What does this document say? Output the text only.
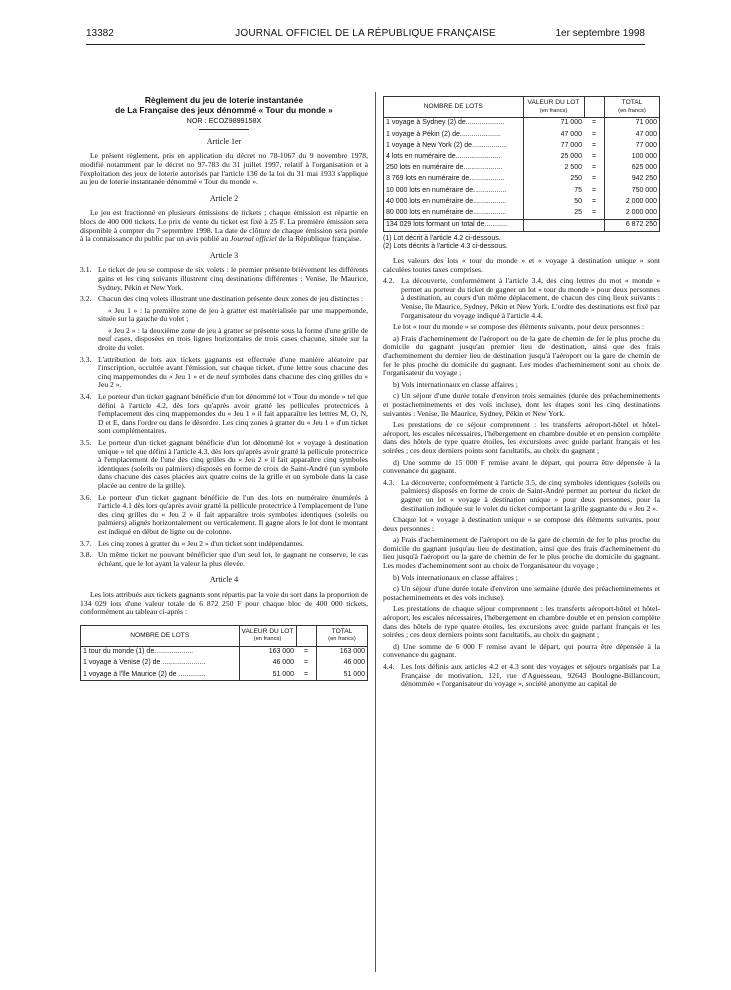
13382	JOURNAL OFFICIEL DE LA RÉPUBLIQUE FRANÇAISE	1er septembre 1998
Règlement du jeu de loterie instantanée
de La Française des jeux dénommé « Tour du monde »
NOR : ECOZ9899158X
Article 1er

Le présent règlement, pris en application du décret no 78-1067 du 9 novembre 1978, modifié notamment par le décret no 97-783 du 31 juillet 1997, relatif à l'organisation et à l'exploitation des jeux de loterie autorisés par l'article 136 de la loi du 31 mai 1933 s'applique au jeu de loterie instantanée dénommé « Tour du monde ».

Article 2

Le jeu est fractionné en plusieurs émissions de tickets ; chaque émission est répartie en blocs de 400 000 tickets. Le prix de vente du ticket est fixé à 25 F. La première émission sera disponible à compter du 7 septembre 1998. La date de clôture de chaque émission sera portée à la connaissance du public par un avis publié au Journal officiel de la République française.

Article 3
3.1. Le ticket de jeu se compose de six volets : le premier présente brièvement les différents gains et les cinq suivants illustrent cinq destinations différentes : Venise, île Maurice, Sydney, Pékin et New York.
3.2. Chacun des cinq volets illustrant une destination présente deux zones de jeu distinctes :
« Jeu 1 » : la première zone de jeu à gratter est matérialisée par une mappemonde, située sur la gauche du volet ;
« Jeu 2 » : la deuxième zone de jeu à gratter se présente sous la forme d'une grille de neuf cases, disposées en trois lignes horizontales de trois cases chacune, située sur la droite du volet.
3.3. L'attribution de lots aux tickets gagnants est effectuée d'une manière aléatoire par l'inscription, occultée avant l'émission, sur chaque ticket, d'une lettre sous chacune des cinq mappemondes du « Jeu 1 » et de neuf symboles dans chacune des cinq grilles du « Jeu 2 ».
3.4. Le porteur d'un ticket gagnant bénéficie d'un lot dénommé lot « Tour du monde » tel que défini à l'article 4.2, dès lors qu'après avoir gratté les pellicules protectrices à l'emplacement des cinq mappemondes du « Jeu 1 » il fait apparaître les lettres M, O, N, D et E, dans l'ordre ou dans le désordre. Les cinq zones à gratter du « Jeu 1 » d'un ticket sont complémentaires.
3.5. Le porteur d'un ticket gagnant bénéficie d'un lot dénommé lot « voyage à destination unique » tel que défini à l'article 4.3, dès lors qu'après avoir gratté la pellicule protectrice à l'emplacement de l'une des cinq grilles du « Jeu 2 » il fait apparaître cinq symboles identiques (soleils ou palmiers) disposés en forme de croix de Saint-André (un symbole dans chacune des cases placées aux quatre coins de la grille et un symbole dans la case placée au centre de la grille).
3.6. Le porteur d'un ticket gagnant bénéficie de l'un des lots en numéraire énumérés à l'article 4.1 dès lors qu'après avoir gratté la pellicule protectrice à l'emplacement de l'une des cinq grilles du « Jeu 2 » il fait apparaître trois symboles identiques (soleils ou palmiers) alignés horizontalement ou verticalement. Il gagne alors le lot dont le montant est indiqué en début de ligne ou de colonne.
3.7. Les cinq zones à gratter du « Jeu 2 » d'un ticket sont indépendantes.
3.8. Un même ticket ne pouvant bénéficier que d'un seul lot, le gagnant ne conserve, le cas échéant, que le lot ayant la valeur la plus élevée.
Article 4

Les lots attribués aux tickets gagnants sont répartis par la voie du sort dans la proportion de 134 029 lots d'une valeur totale de 6 872 250 F pour chaque bloc de 400 000 tickets, conformément au tableau ci-après :

NOMBRE DE LOTS	VALEUR DU LOT
(en francs)		TOTAL
(en francs)
1 tour du monde (1) de....................	163 000	=	163 000
1 voyage à Venise (2) de ......................	46 000	=	46 000
1 voyage à l'île Maurice (2) de ..............	51 000	=	51 000
NOMBRE DE LOTS	VALEUR DU LOT
(en francs)		TOTAL
(en francs)
1 voyage à Sydney (2) de....................	71 000	=	71 000
1 voyage à Pékin (2) de.....................	47 000	=	47 000
1 voyage à New York (2) de..................	77 000	=	77 000
4 lots en numéraire de.......................	25 000	=	100 000
250 lots en numéraire de....................	2 500	=	625 000
3 769 lots en numéraire de..................	250	=	942 250
10 000 lots en numéraire de.................	75	=	750 000
40 000 lots en numéraire de.................	50	=	2 000 000
80 000 lots en numéraire de.................	25	=	2 000 000
134 029 lots formant un total de............			6 872 250
(1) Lot décrit à l'article 4.2 ci-dessous.
(2) Lots décrits à l'article 4.3 ci-dessous.

Les valeurs des lots « tour du monde » et « voyage à destination unique » sont calculées toutes taxes comprises.

4.2. La découverte, conformément à l'article 3.4, des cinq lettres du mot « monde » permet au porteur du ticket de gagner un lot « tour du monde » pour deux personnes à destination, au cours d'un même déplacement, de chacun des cinq lieux suivants : Venise, île Maurice, Sydney, Pékin et New York. L'ordre des destinations est fixé par l'organisateur du voyage indiqué à l'article 4.4.

Le lot « tour du monde » se compose des éléments suivants, pour deux personnes :

a) Frais d'acheminement de l'aéroport ou de la gare de chemin de fer le plus proche du domicile du gagnant jusqu'au premier lieu de destination, ainsi que des frais d'acheminement du dernier lieu de destination jusqu'à l'aéroport ou la gare de chemin de fer le plus proche du domicile du gagnant. Les modes d'acheminement sont au choix de l'organisateur du voyage ;

b) Vols internationaux en classe affaires ;

c) Un séjour d'une durée totale d'environ trois semaines (durée des préacheminements et postacheminements et des vols incluse), dont les étapes sont les cinq destinations suivantes : Venise, île Maurice, Sydney, Pékin et New York.

Les prestations de ce séjour comprennent : les transferts aéroport-hôtel et hôtel-aéroport, les escales nécessaires, l'hébergement en chambre double et en pension complète dans des hôtels de type quatre étoiles, les excursions avec guide parlant français et les soirées ; ces deux derniers points sont facultatifs, au choix du gagnant ;

d) Une somme de 15 000 F remise avant le départ, qui pourra être dépensée à la convenance du gagnant.

4.3. La découverte, conformément à l'article 3.5, de cinq symboles identiques (soleils ou palmiers) disposés en forme de croix de Saint-André permet au porteur du ticket de gagner un lot « voyage à destination unique » pour deux personnes, pour la destination indiquée sur le volet du ticket comportant la grille gagnante du « Jeu 2 ».

Chaque lot « voyage à destination unique » se compose des éléments suivants, pour deux personnes :

a) Frais d'acheminement de l'aéroport ou de la gare de chemin de fer le plus proche du domicile du gagnant jusqu'au lieu de destination, ainsi que des frais d'acheminement du lieu jusqu'à l'aéroport ou la gare de chemin de fer le plus proche du domicile du gagnant. Les modes d'acheminement sont au choix de l'organisateur du voyage ;

b) Vols internationaux en classe affaires ;

c) Un séjour d'une durée totale d'environ une semaine (durée des préacheminements et postacheminements et des vols incluse).

Les prestations de chaque séjour comprennent : les transferts aéroport-hôtel et hôtel-aéroport, les escales nécessaires, l'hébergement en chambre double et en pension complète dans des hôtels de type quatre étoiles, les excursions avec guide parlant français et les soirées ; ces deux derniers points sont facultatifs, au choix du gagnant ;

d) Une somme de 6 000 F remise avant le départ, qui pourra être dépensée à la convenance du gagnant.

4.4. Les lots définis aux articles 4.2 et 4.3 sont des voyages et séjours organisés par La Française de motivation, 121, rue d'Aguesseau, 92643 Boulogne-Billancourt, dénommée « l'organisateur du voyage », société anonyme au capital de
